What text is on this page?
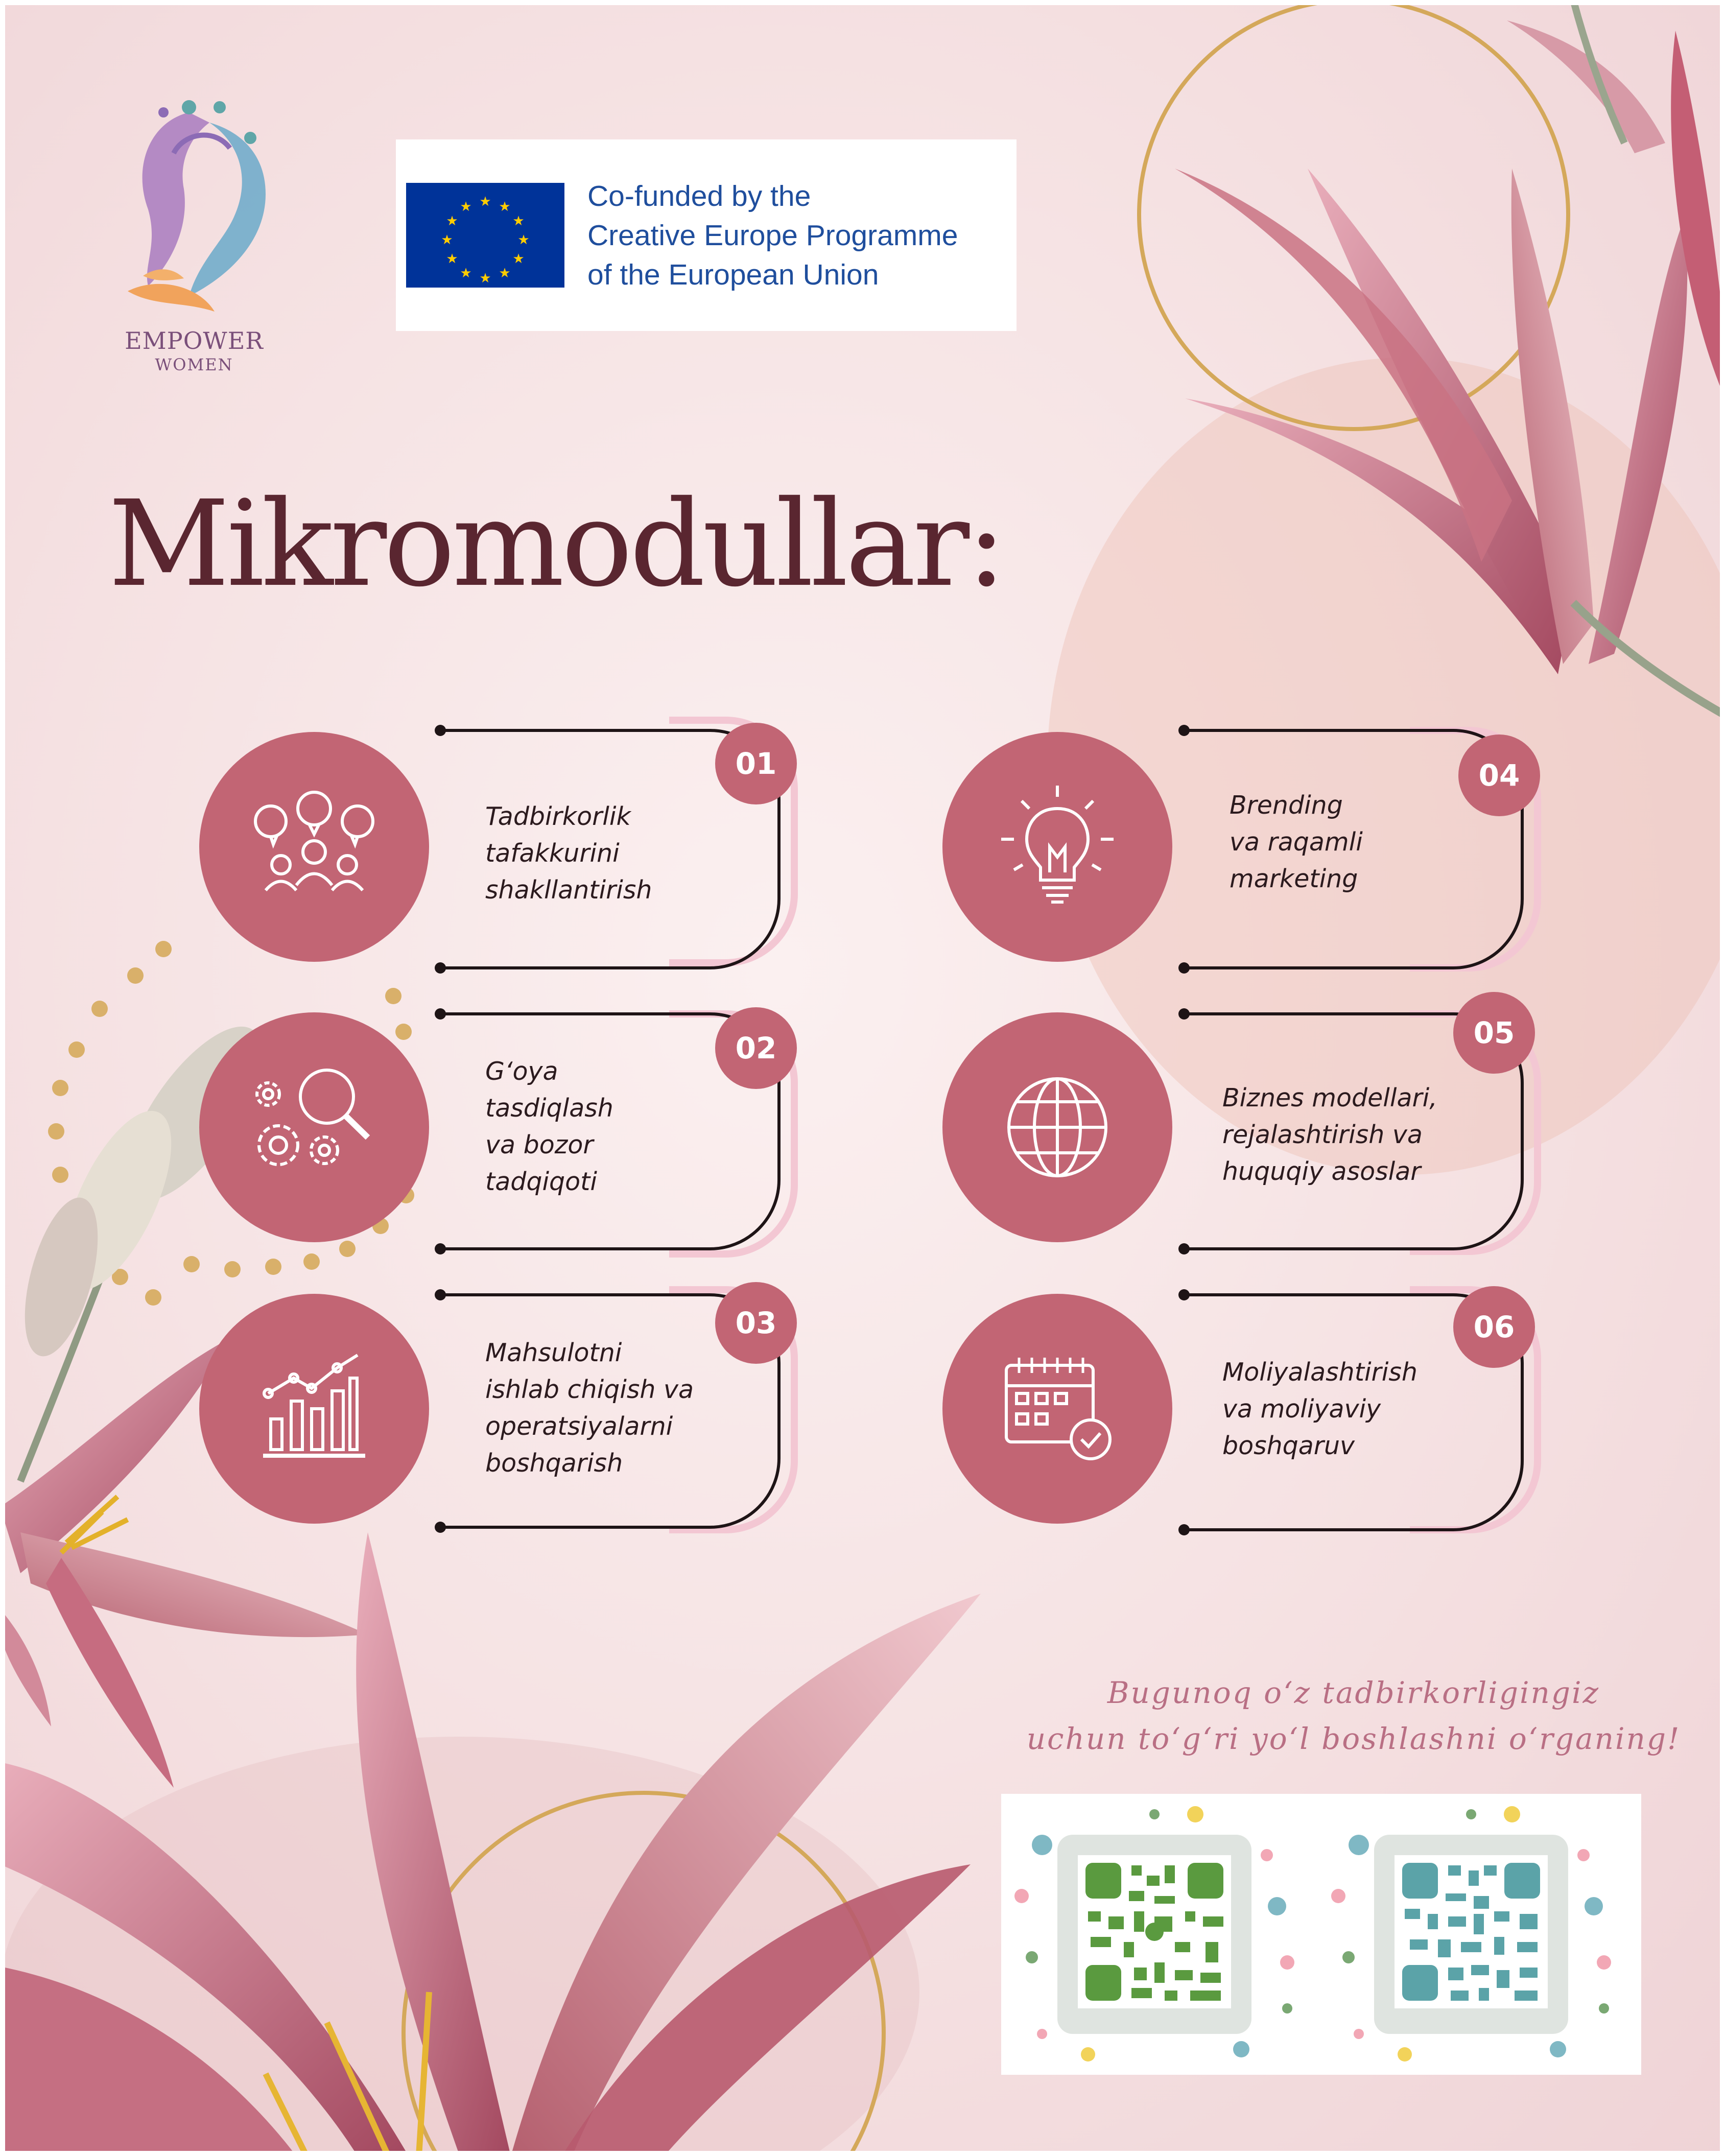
EMPOWER
WOMEN
★ ★
★
★
★
★
★
★
★
★
★
★	Co-funded by the
Creative Europe Programme
of the European Union
Mikromodullar:
Tadbirkorlik
tafakkurini
shakllantirish
01
G‘oya
tasdiqlash
va bozor
tadqiqoti
02
Mahsulotni
ishlab chiqish va
operatsiyalarni
boshqarish
03
Brending
va raqamli
marketing
04
Biznes modellari,
rejalashtirish va
huquqiy asoslar
05
Moliyalashtirish
va moliyaviy
boshqaruv
06
Bugunoq o‘z tadbirkorligingiz
uchun to‘g‘ri yo‘l boshlashni o‘rganing!
